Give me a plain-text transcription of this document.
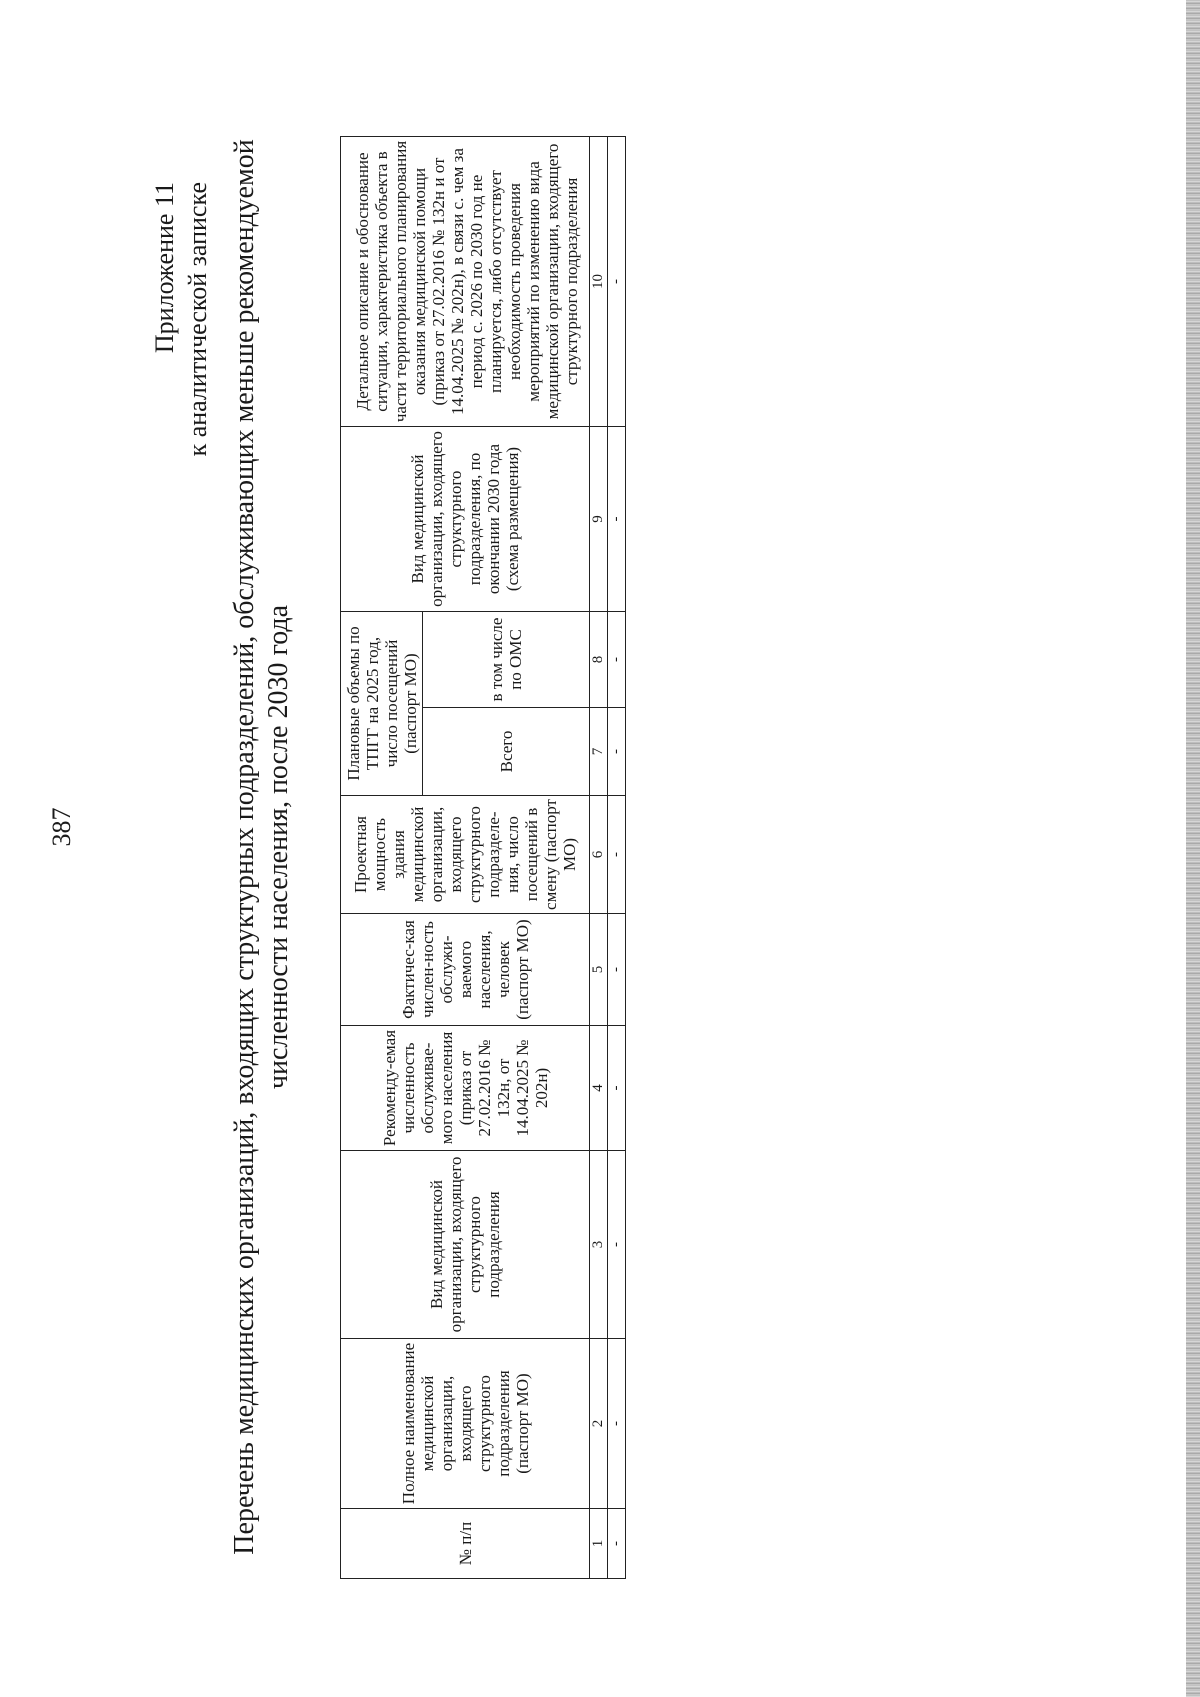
387
Приложение 11 к аналитической записке Перечень медицинских организаций, входящих структурных подразделений, обслуживающих меньше рекомендуемой численности населения, после 2030 года
№ п/п	Полное наименование медицинской организации, входящего структурного подразделения (паспорт МО)	Вид медицинской организации, входящего структурного подразделения	Рекоменду-емая численность обслуживае-мого населения (приказ от 27.02.2016 № 132н, от 14.04.2025 № 202н)	Фактичес-кая числен-ность обслужи-ваемого населения, человек (паспорт МО)	Проектная мощность здания медицинской организации, входящего структурного подразделе-ния, число посещений в смену (паспорт МО)	Плановые объемы по ТПГГ на 2025 год, число посещений (паспорт МО)		Вид медицинской организации, входящего структурного подразделения, по окончании 2030 года (схема размещения)	Детальное описание и обоснование ситуации, характеристика объекта в части территориального планирования оказания медицинской помощи (приказ от 27.02.2016 № 132н и от 14.04.2025 № 202н), в связи с. чем за период с. 2026 по 2030 год не планируется, либо отсутствует необходимость проведения мероприятий по изменению вида медицинской организации, входящего структурного подразделения
						Всего	в том числе по ОМС		
1	2	3	4	5	6	7	8	9	10
-	-	-	-	-	-	-	-	-	-
